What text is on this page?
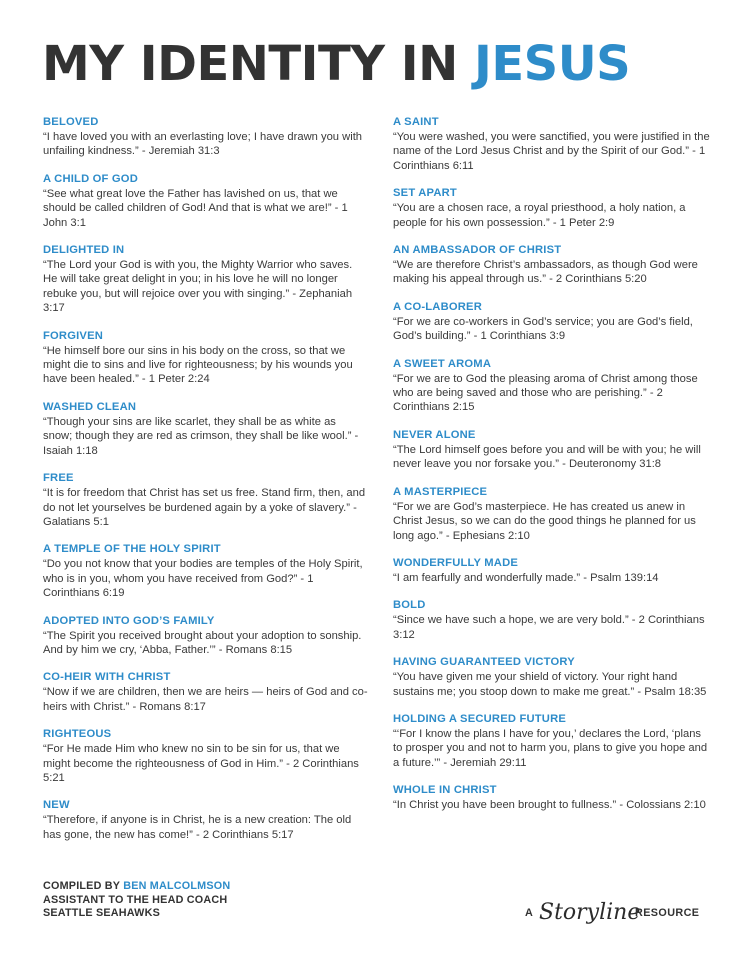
MY IDENTITY IN JESUS
BELOVED
“I have loved you with an everlasting love; I have drawn you with unfailing kindness.” - Jeremiah 31:3
A CHILD OF GOD
“See what great love the Father has lavished on us, that we should be called children of God! And that is what we are!” - 1 John 3:1
DELIGHTED IN
“The Lord your God is with you, the Mighty Warrior who saves. He will take great delight in you; in his love he will no longer rebuke you, but will rejoice over you with singing.” - Zephaniah 3:17
FORGIVEN
“He himself bore our sins in his body on the cross, so that we might die to sins and live for righteousness; by his wounds you have been healed.” - 1 Peter 2:24
WASHED CLEAN
“Though your sins are like scarlet, they shall be as white as snow; though they are red as crimson, they shall be like wool.” - Isaiah 1:18
FREE
“It is for freedom that Christ has set us free. Stand firm, then, and do not let yourselves be burdened again by a yoke of slavery.” - Galatians 5:1
A TEMPLE OF THE HOLY SPIRIT
“Do you not know that your bodies are temples of the Holy Spirit, who is in you, whom you have received from God?” - 1 Corinthians 6:19
ADOPTED INTO GOD’S FAMILY
“The Spirit you received brought about your adoption to sonship. And by him we cry, ‘Abba, Father.’” - Romans 8:15
CO-HEIR WITH CHRIST
“Now if we are children, then we are heirs — heirs of God and co-heirs with Christ.” - Romans 8:17
RIGHTEOUS
“For He made Him who knew no sin to be sin for us, that we might become the righteousness of God in Him.” - 2 Corinthians 5:21
NEW
“Therefore, if anyone is in Christ, he is a new creation: The old has gone, the new has come!” - 2 Corinthians 5:17
A SAINT
“You were washed, you were sanctified, you were justified in the name of the Lord Jesus Christ and by the Spirit of our God.” - 1 Corinthians 6:11
SET APART
“You are a chosen race, a royal priesthood, a holy nation, a people for his own possession.” - 1 Peter 2:9
AN AMBASSADOR OF CHRIST
“We are therefore Christ’s ambassadors, as though God were making his appeal through us.” - 2 Corinthians 5:20
A CO-LABORER
“For we are co-workers in God’s service; you are God’s field, God’s building.” - 1 Corinthians 3:9
A SWEET AROMA
“For we are to God the pleasing aroma of Christ among those who are being saved and those who are perishing.” - 2 Corinthians 2:15
NEVER ALONE
“The Lord himself goes before you and will be with you; he will never leave you nor forsake you.” - Deuteronomy 31:8
A MASTERPIECE
“For we are God’s masterpiece. He has created us anew in Christ Jesus, so we can do the good things he planned for us long ago.” - Ephesians 2:10
WONDERFULLY MADE
“I am fearfully and wonderfully made.” - Psalm 139:14
BOLD
“Since we have such a hope, we are very bold.” - 2 Corinthians 3:12
HAVING GUARANTEED VICTORY
“You have given me your shield of victory. Your right hand sustains me; you stoop down to make me great.” - Psalm 18:35
HOLDING A SECURED FUTURE
“‘For I know the plans I have for you,’ declares the Lord, ‘plans to prosper you and not to harm you, plans to give you hope and a future.’” - Jeremiah 29:11
WHOLE IN CHRIST
“In Christ you have been brought to fullness.” - Colossians 2:10
COMPILED BY BEN MALCOLMSON
ASSISTANT TO THE HEAD COACH
SEATTLE SEAHAWKS	A Storyline
RESOURCE
